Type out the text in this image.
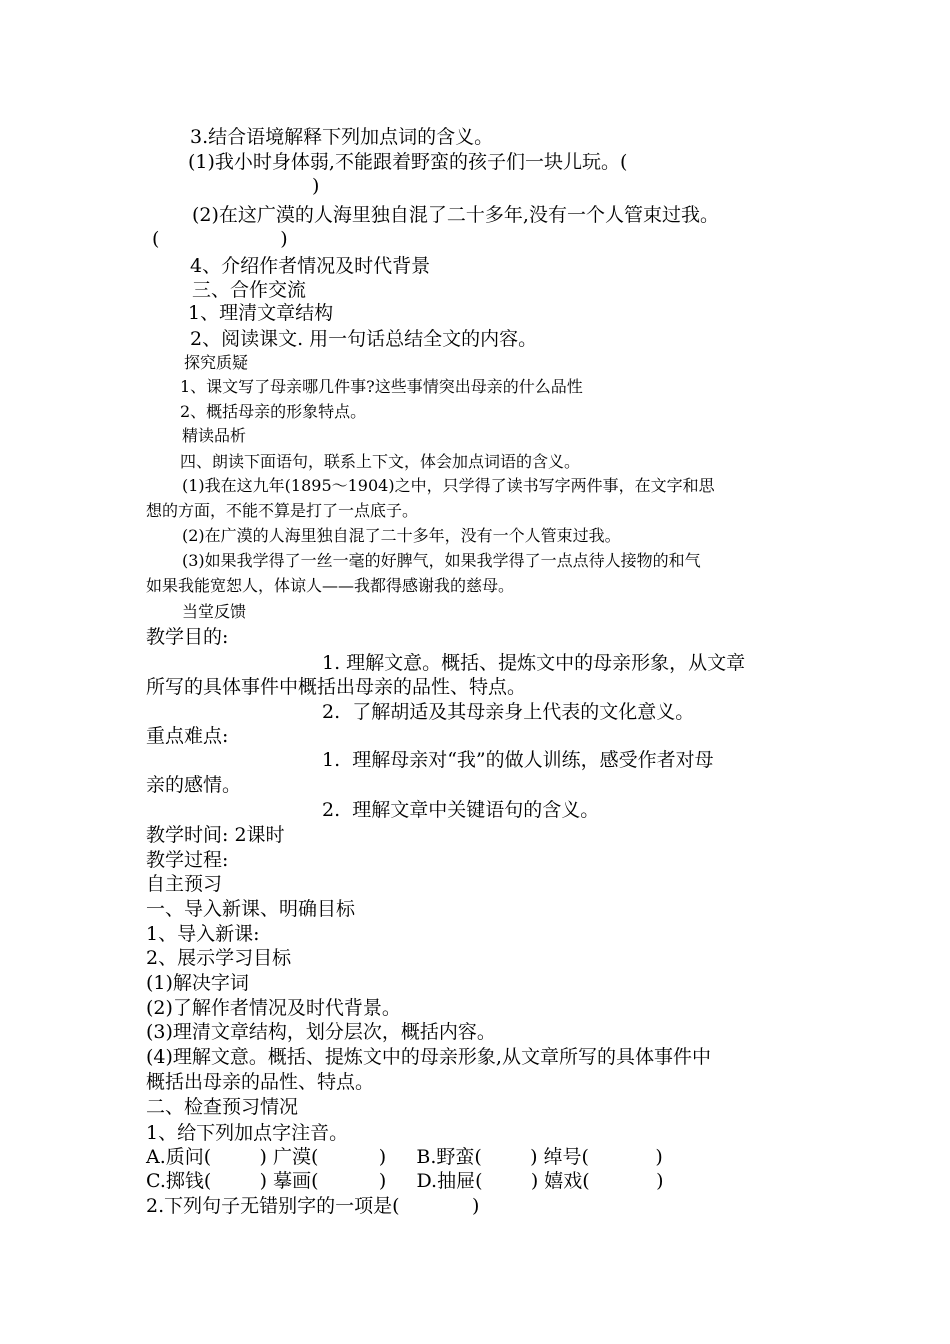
3.结合语境解释下列加点词的含义。
(1)我小时身体弱,不能跟着野蛮的孩子们一块儿玩。(
)
(2)在这广漠的人海里独自混了二十多年,没有一个人管束过我。
(                    )
4、介绍作者情况及时代背景
三、合作交流
1、理清文章结构
2、阅读课文. 用一句话总结全文的内容。
探究质疑
1、课文写了母亲哪几件事?这些事情突出母亲的什么品性
2、概括母亲的形象特点。
精读品析
四、朗读下面语句，联系上下文，体会加点词语的含义。
(1)我在这九年(1895～1904)之中，只学得了读书写字两件事，在文字和思
想的方面，不能不算是打了一点底子。
(2)在广漠的人海里独自混了二十多年，没有一个人管束过我。
(3)如果我学得了一丝一毫的好脾气，如果我学得了一点点待人接物的和气
如果我能宽恕人，体谅人——我都得感谢我的慈母。
当堂反馈
教学目的:
1. 理解文意。概括、提炼文中的母亲形象，从文章
所写的具体事件中概括出母亲的品性、特点。
2.  了解胡适及其母亲身上代表的文化意义。
重点难点:
1.  理解母亲对“我”的做人训练，感受作者对母
亲的感情。
2.  理解文章中关键语句的含义。
教学时间: 2课时
教学过程:
自主预习
一、导入新课、明确目标
1、导入新课:
2、展示学习目标
(1)解决字词
(2)了解作者情况及时代背景。
(3)理清文章结构，划分层次，概括内容。
(4)理解文意。概括、提炼文中的母亲形象,从文章所写的具体事件中
概括出母亲的品性、特点。
二、检查预习情况
1、给下列加点字注音。
A.质问(        ) 广漠(          )     B.野蛮(        ) 绰号(           )
C.掷钱(        ) 摹画(          )     D.抽屉(        ) 嬉戏(           )
2.下列句子无错别字的一项是(            )
